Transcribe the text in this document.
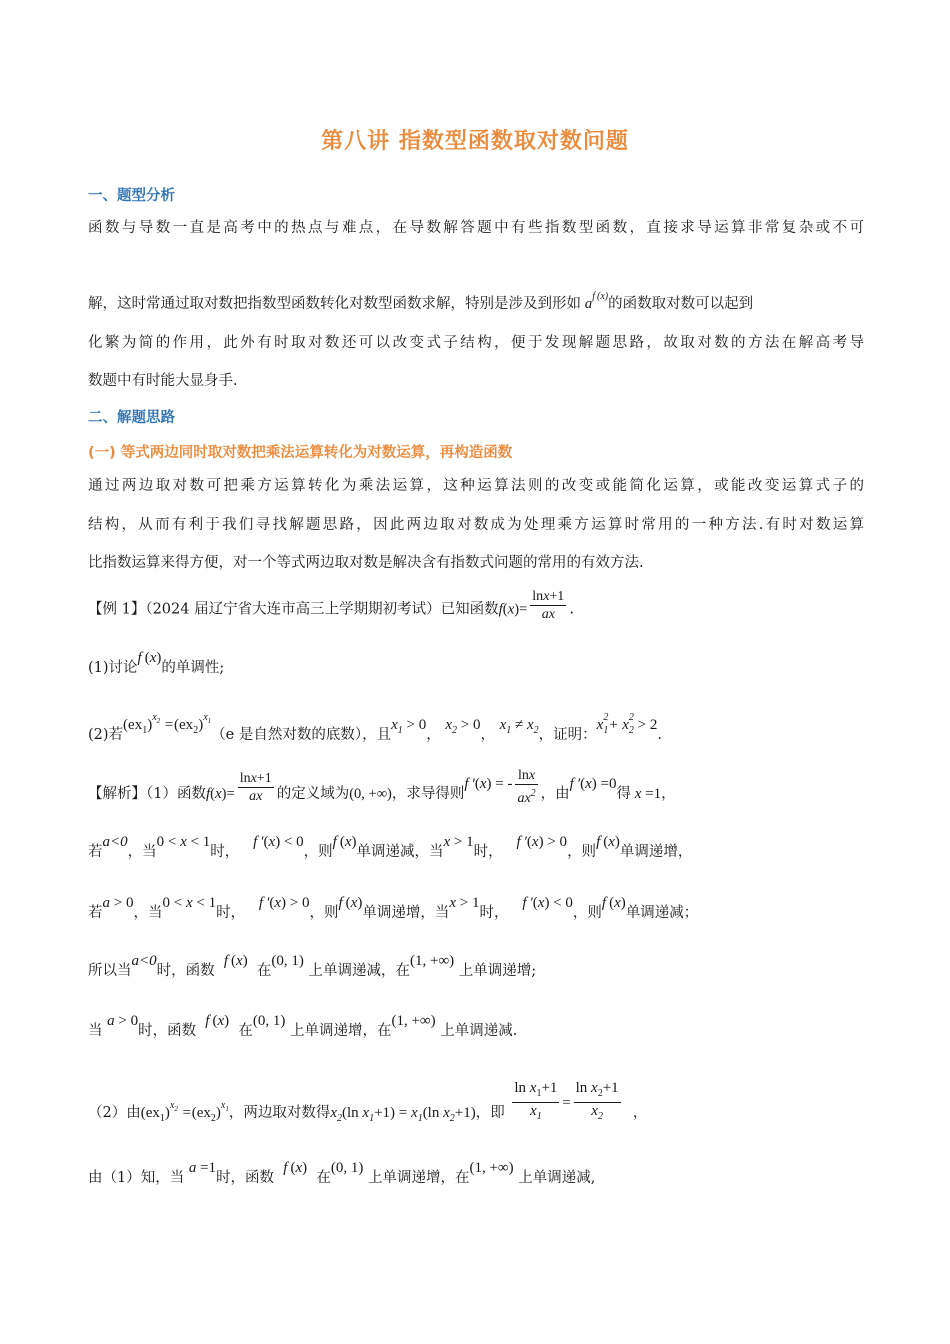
第八讲 指数型函数取对数问题
一、题型分析
函数与导数一直是高考中的热点与难点，在导数解答题中有些指数型函数，直接求导运算非常复杂或不可
解，这时常通过取对数把指数型函数转化对数型函数求解，特别是涉及到形如 $a^{f (x)}$的函数取对数可以起到
化繁为简的作用，此外有时取对数还可以改变式子结构，便于发现解题思路，故取对数的方法在解高考导
数题中有时能大显身手.
二、解题思路
(一) 等式两边同时取对数把乘法运算转化为对数运算，再构造函数
通过两边取对数可把乘方运算转化为乘法运算，这种运算法则的改变或能简化运算，或能改变运算式子的
结构，从而有利于我们寻找解题思路，因此两边取对数成为处理乘方运算时常用的一种方法.有时对数运算
比指数运算来得方便，对一个等式两边取对数是解决含有指数式问题的常用的有效方法.
【例 1】（2024 届辽宁省大连市高三上学期期初考试）已知函数$f(x)= \frac{\ln x+1}{ax}$ .
(1)讨论f (x)的单调性;
(2)若$(ex_1)^{x_2} =(ex_2)^{x_1}(e$ 是自然对数的底数），且$x_1 > 0$， $x_2 > 0$， $x_1 \ne x_2$，证明：$x_1^2+ x_2^2 > 2$.
【解析】（1）函数$f(x)= \frac{\ln x+1}{ax}$ 的定义域为(0, +∞)，求导得则f ′(x) = - $\frac{\ln x}{ax^2}$ ，由f ′(x) =0得 x =1，
若a<0，当0 < x < 1时，   f ′(x) < 0，则f (x)单调递减，当x > 1时，   f ′(x) > 0，则f (x)单调递增，
若a > 0，当0 < x < 1时，   f ′(x) > 0，则f (x)单调递增，当x > 1时，   f ′(x) < 0，则f (x)单调递减；
所以当a<0时，函数  f (x)  在(0, 1) 上单调递减，在(1, +∞) 上单调递增;
当 a > 0时，函数  f (x)  在(0, 1) 上单调递增，在(1, +∞) 上单调递减.
（2）由$(ex_1)^{x_2} =(ex_2)^{x_1}$，两边取对数得$x_2(\ln$ $x_1+1) = x_1(\ln$ $x_2+1$)，即 $\frac{\ln x_1+1}{x_1} = \frac{\ln x_2+1}{x_2}$ ，
由（1）知，当 a =1时，函数  f (x)  在(0, 1) 上单调递增，在(1, +∞) 上单调递减,
